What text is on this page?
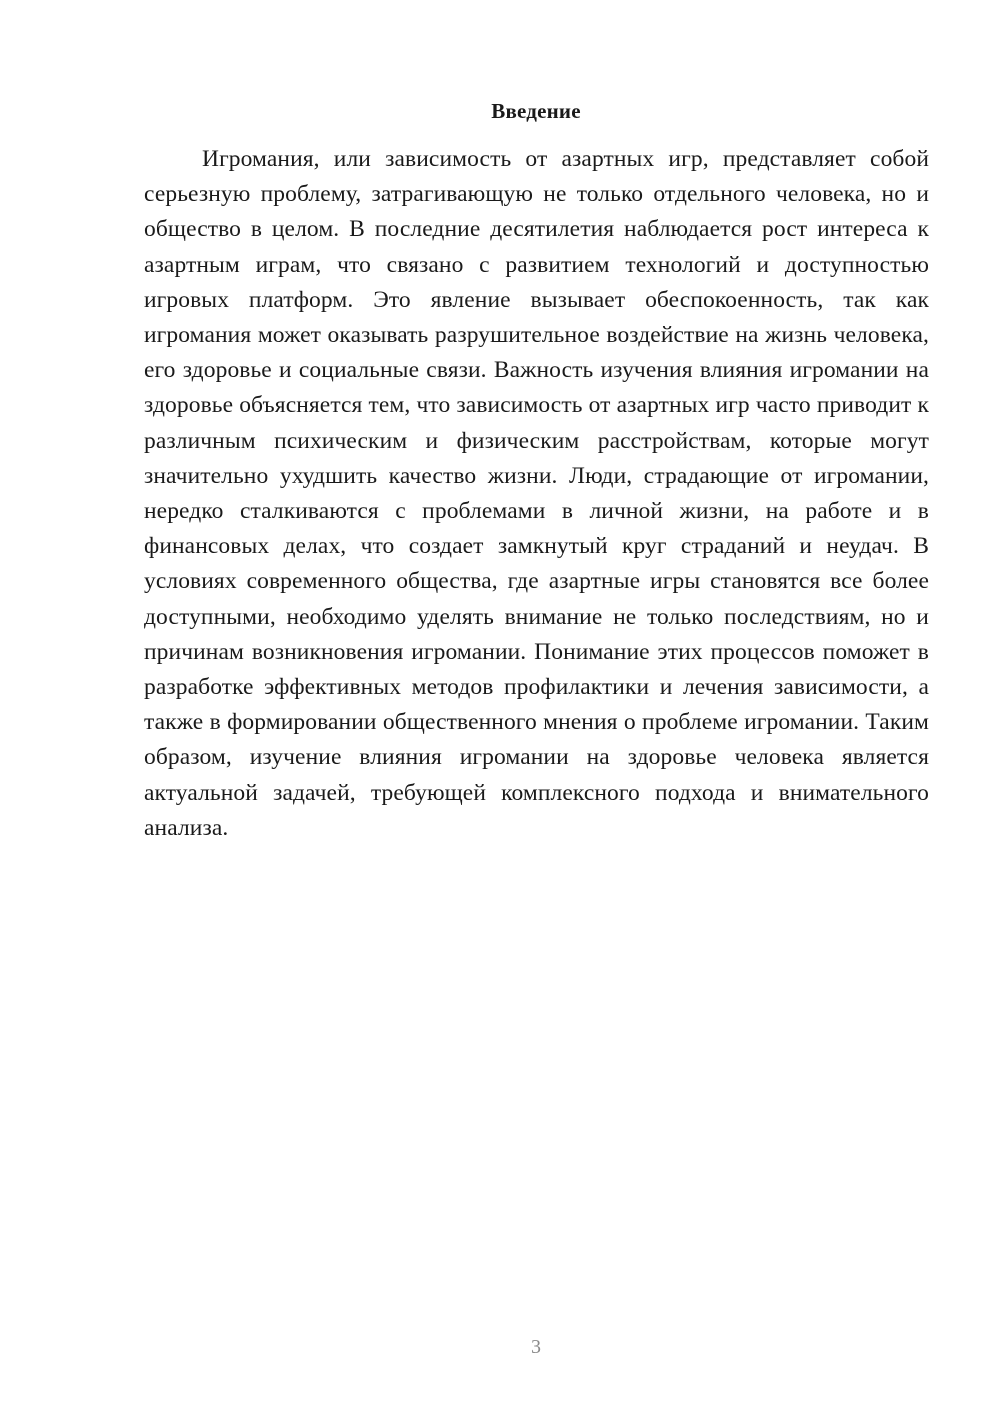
Введение

Игромания, или зависимость от азартных игр, представляет собой серьезную проблему, затрагивающую не только отдельного человека, но и общество в целом. В последние десятилетия наблюдается рост интереса к азартным играм, что связано с развитием технологий и доступностью игровых платформ. Это явление вызывает обеспокоенность, так как игромания может оказывать разрушительное воздействие на жизнь человека, его здоровье и социальные связи. Важность изучения влияния игромании на здоровье объясняется тем, что зависимость от азартных игр часто приводит к различным психическим и физическим расстройствам, которые могут значительно ухудшить качество жизни. Люди, страдающие от игромании, нередко сталкиваются с проблемами в личной жизни, на работе и в финансовых делах, что создает замкнутый круг страданий и неудач. В условиях современного общества, где азартные игры становятся все более доступными, необходимо уделять внимание не только последствиям, но и причинам возникновения игромании. Понимание этих процессов поможет в разработке эффективных методов профилактики и лечения зависимости, а также в формировании общественного мнения о проблеме игромании. Таким образом, изучение влияния игромании на здоровье человека является актуальной задачей, требующей комплексного подхода и внимательного анализа.

3
